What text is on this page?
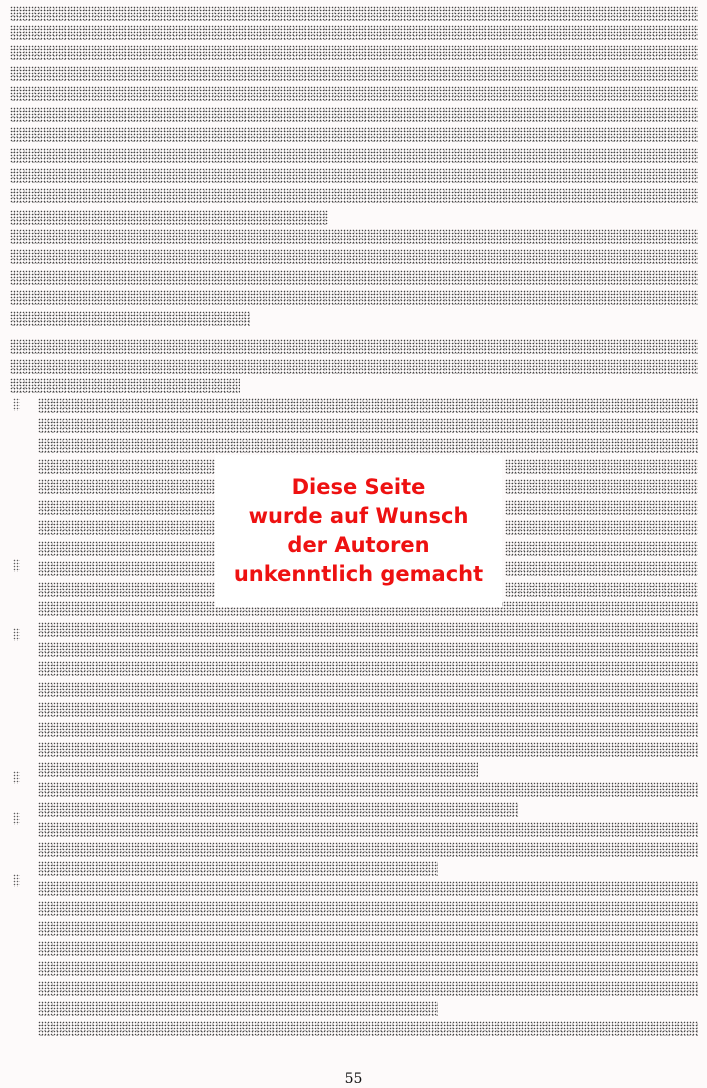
Diese Seite
wurde auf Wunsch
der Autoren
unkenntlich gemacht
55
